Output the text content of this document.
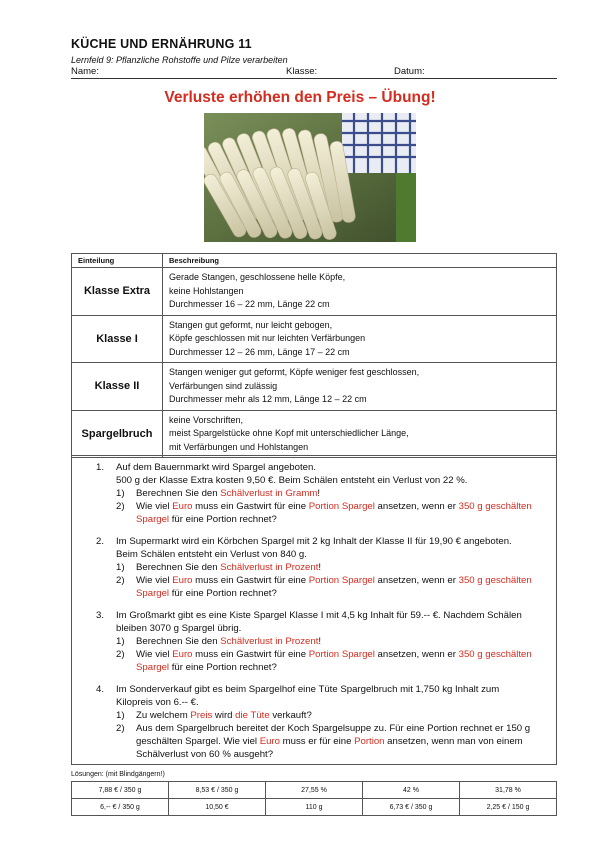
KÜCHE UND ERNÄHRUNG 11
Lernfeld 9: Pflanzliche Rohstoffe und Pilze verarbeiten
Name:	Klasse:	Datum:
Verluste erhöhen den Preis – Übung!
Einteilung	Beschreibung
Klasse Extra	Gerade Stangen, geschlossene helle Köpfe,
keine Hohlstangen
Durchmesser 16 – 22 mm, Länge 22 cm

Klasse I	Stangen gut geformt, nur leicht gebogen,
Köpfe geschlossen mit nur leichten Verfärbungen
Durchmesser 12 – 26 mm, Länge 17 – 22 cm

Klasse II	Stangen weniger gut geformt, Köpfe weniger fest geschlossen,
Verfärbungen sind zulässig
Durchmesser mehr als 12 mm, Länge 12 – 22 cm

Spargelbruch	keine Vorschriften,
meist Spargelstücke ohne Kopf mit unterschiedlicher Länge,
mit Verfärbungen und Hohlstangen
1. Auf dem Bauernmarkt wird Spargel angeboten.
500 g der Klasse Extra kosten 9,50 €. Beim Schälen entsteht ein Verlust von 22 %.
1) Berechnen Sie den Schälverlust in Gramm!
2) Wie viel Euro muss ein Gastwirt für eine Portion Spargel ansetzen, wenn er 350 g geschälten Spargel für eine Portion rechnet?
2. Im Supermarkt wird ein Körbchen Spargel mit 2 kg Inhalt der Klasse II für 19,90 € angeboten.
Beim Schälen entsteht ein Verlust von 840 g.
1) Berechnen Sie den Schälverlust in Prozent!
2) Wie viel Euro muss ein Gastwirt für eine Portion Spargel ansetzen, wenn er 350 g geschälten Spargel für eine Portion rechnet?
3. Im Großmarkt gibt es eine Kiste Spargel Klasse I mit 4,5 kg Inhalt für 59.-- €. Nachdem Schälen
bleiben 3070 g Spargel übrig.
1) Berechnen Sie den Schälverlust in Prozent!
2) Wie viel Euro muss ein Gastwirt für eine Portion Spargel ansetzen, wenn er 350 g geschälten Spargel für eine Portion rechnet?
4. Im Sonderverkauf gibt es beim Spargelhof eine Tüte Spargelbruch mit 1,750 kg Inhalt zum
Kilopreis von 6.-- €.
1) Zu welchem Preis wird die Tüte verkauft?
2) Aus dem Spargelbruch bereitet der Koch Spargelsuppe zu. Für eine Portion rechnet er 150 g geschälten Spargel. Wie viel Euro muss er für eine Portion ansetzen, wenn man von einem Schälverlust von 60 % ausgeht?
Lösungen: (mit Blindgängern!)
7,88 € / 350 g	8,53 € / 350 g	27,55 %	42 %	31,78 %
6,-- € / 350 g	10,50 €	110 g	6,73 € / 350 g	2,25 € / 150 g
